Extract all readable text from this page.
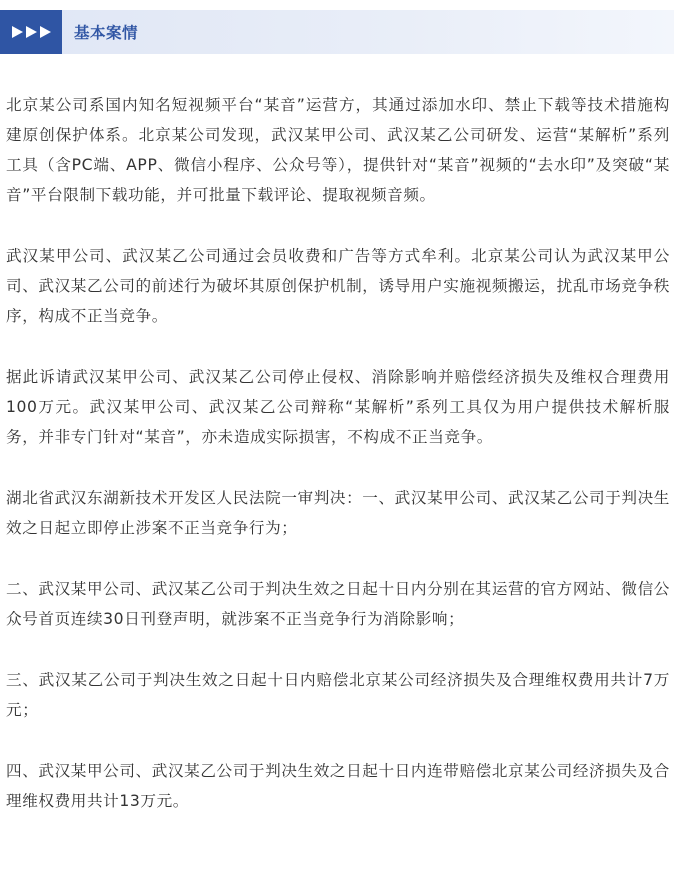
基本案情

北京某公司系国内知名短视频平台“某音”运营方，其通过添加水印、禁止下载等技术措施构建原创保护体系。北京某公司发现，武汉某甲公司、武汉某乙公司研发、运营“某解析”系列工具（含PC端、APP、微信小程序、公众号等），提供针对“某音”视频的“去水印”及突破“某音”平台限制下载功能，并可批量下载评论、提取视频音频。

武汉某甲公司、武汉某乙公司通过会员收费和广告等方式牟利。北京某公司认为武汉某甲公司、武汉某乙公司的前述行为破坏其原创保护机制，诱导用户实施视频搬运，扰乱市场竞争秩序，构成不正当竞争。

据此诉请武汉某甲公司、武汉某乙公司停止侵权、消除影响并赔偿经济损失及维权合理费用100万元。武汉某甲公司、武汉某乙公司辩称“某解析”系列工具仅为用户提供技术解析服务，并非专门针对“某音”，亦未造成实际损害，不构成不正当竞争。

湖北省武汉东湖新技术开发区人民法院一审判决：一、武汉某甲公司、武汉某乙公司于判决生效之日起立即停止涉案不正当竞争行为；

二、武汉某甲公司、武汉某乙公司于判决生效之日起十日内分别在其运营的官方网站、微信公众号首页连续30日刊登声明，就涉案不正当竞争行为消除影响；

三、武汉某乙公司于判决生效之日起十日内赔偿北京某公司经济损失及合理维权费用共计7万元；

四、武汉某甲公司、武汉某乙公司于判决生效之日起十日内连带赔偿北京某公司经济损失及合理维权费用共计13万元。
